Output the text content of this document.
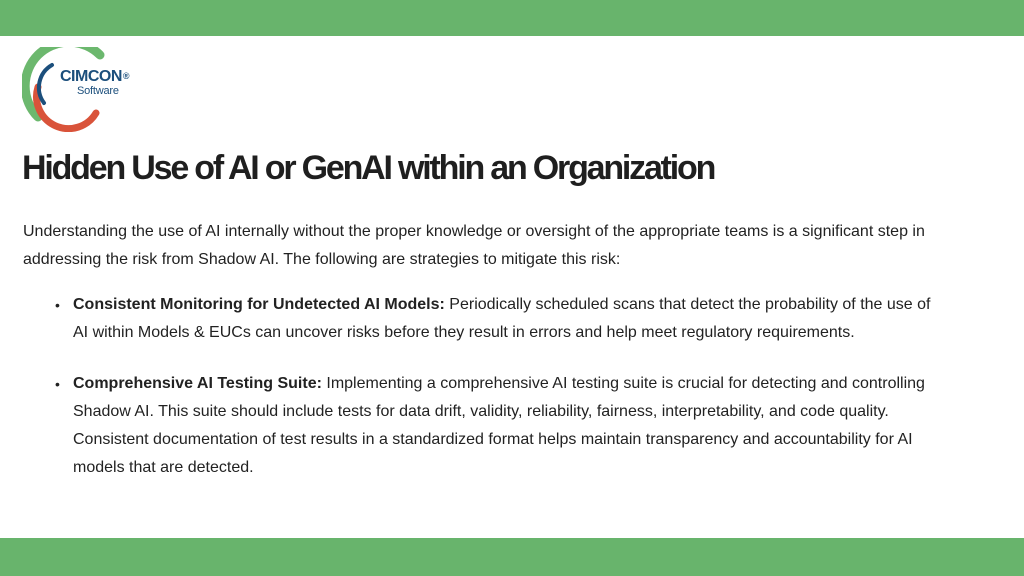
CIMCON®
Software
Hidden Use of AI or GenAI within an Organization

Understanding the use of AI internally without the proper knowledge or oversight of the appropriate teams is a significant step in addressing the risk from Shadow AI. The following are strategies to mitigate this risk:

• Consistent Monitoring for Undetected AI Models: Periodically scheduled scans that detect the probability of the use of AI within Models & EUCs can uncover risks before they result in errors and help meet regulatory requirements.
• Comprehensive AI Testing Suite: Implementing a comprehensive AI testing suite is crucial for detecting and controlling Shadow AI. This suite should include tests for data drift, validity, reliability, fairness, interpretability, and code quality. Consistent documentation of test results in a standardized format helps maintain transparency and accountability for AI models that are detected.
